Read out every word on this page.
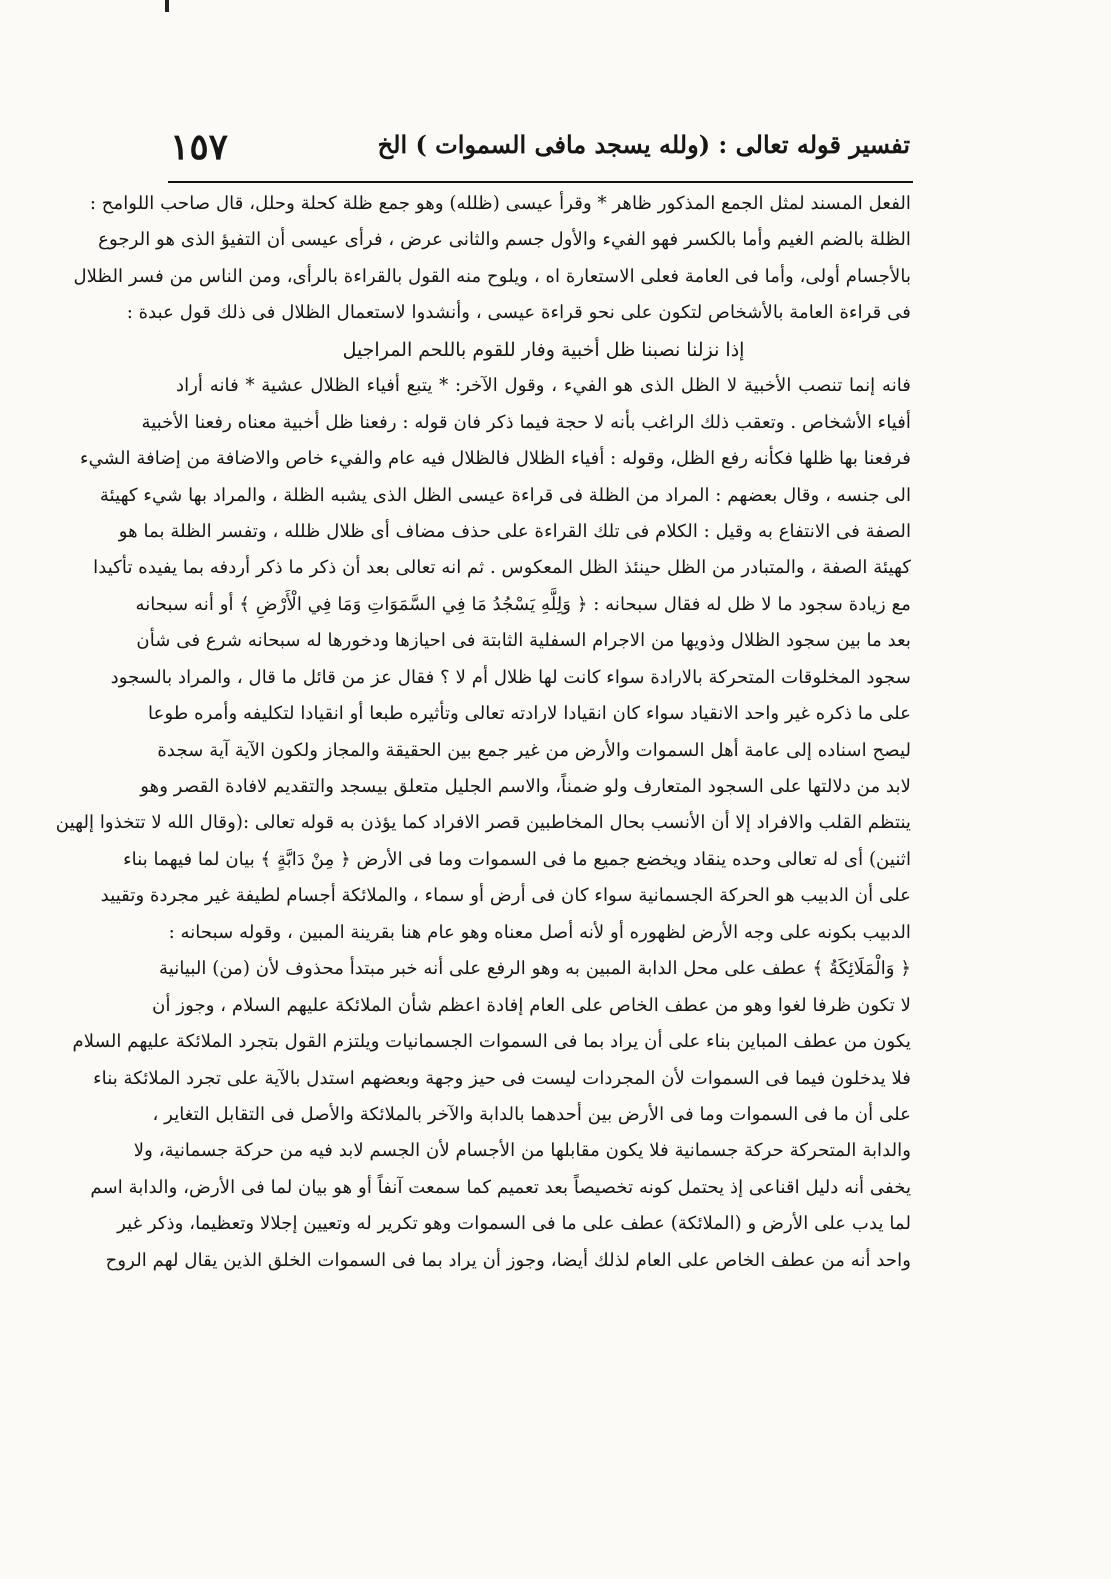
تفسير قوله تعالى : (ولله يسجد مافى السموات ) الخ
١٥٧
الفعل المسند لمثل الجمع المذكور ظاهر * وقرأ عيسى (ظلله) وهو جمع ظلة كحلة وحلل، قال صاحب اللوامح :
الظلة بالضم الغيم وأما بالكسر فهو الفيء والأول جسم والثانى عرض ، فرأى عيسى أن التفيؤ الذى هو الرجوع
بالأجسام أولى، وأما فى العامة فعلى الاستعارة اه ، ويلوح منه القول بالقراءة بالرأى، ومن الناس من فسر الظلال
فى قراءة العامة بالأشخاص لتكون على نحو قراءة عيسى ، وأنشدوا لاستعمال الظلال فى ذلك قول عبدة :
إذا نزلنا نصبنا ظل أخبية وفار للقوم باللحم المراجيل
فانه إنما تنصب الأخبية لا الظل الذى هو الفيء ، وقول الآخر: * يتبع أفياء الظلال عشية * فانه أراد
أفياء الأشخاص . وتعقب ذلك الراغب بأنه لا حجة فيما ذكر فان قوله : رفعنا ظل أخبية معناه رفعنا الأخبية
فرفعنا بها ظلها فكأنه رفع الظل، وقوله : أفياء الظلال فالظلال فيه عام والفيء خاص والاضافة من إضافة الشيء
الى جنسه ، وقال بعضهم : المراد من الظلة فى قراءة عيسى الظل الذى يشبه الظلة ، والمراد بها شيء كهيئة
الصفة فى الانتفاع به وقيل : الكلام فى تلك القراءة على حذف مضاف أى ظلال ظلله ، وتفسر الظلة بما هو
كهيئة الصفة ، والمتبادر من الظل حينئذ الظل المعكوس . ثم انه تعالى بعد أن ذكر ما ذكر أردفه بما يفيده تأكيدا
مع زيادة سجود ما لا ظل له فقال سبحانه : ﴿ وَلِلَّهِ يَسْجُدُ مَا فِي السَّمَوَاتِ وَمَا فِي الْأَرْضِ ﴾ أو أنه سبحانه
بعد ما بين سجود الظلال وذويها من الاجرام السفلية الثابتة فى احيازها ودخورها له سبحانه شرع فى شأن
سجود المخلوقات المتحركة بالارادة سواء كانت لها ظلال أم لا ؟ فقال عز من قائل ما قال ، والمراد بالسجود
على ما ذكره غير واحد الانقياد سواء كان انقيادا لارادته تعالى وتأثيره طبعا أو انقيادا لتكليفه وأمره طوعا
ليصح اسناده إلى عامة أهل السموات والأرض من غير جمع بين الحقيقة والمجاز ولكون الآية آية سجدة
لابد من دلالتها على السجود المتعارف ولو ضمناً، والاسم الجليل متعلق بيسجد والتقديم لافادة القصر وهو
ينتظم القلب والافراد إلا أن الأنسب بحال المخاطبين قصر الافراد كما يؤذن به قوله تعالى :(وقال الله لا تتخذوا إلهين
اثنين) أى له تعالى وحده ينقاد ويخضع جميع ما فى السموات وما فى الأرض ﴿ مِنْ دَابَّةٍ ﴾ بيان لما فيهما بناء
على أن الدبيب هو الحركة الجسمانية سواء كان فى أرض أو سماء ، والملائكة أجسام لطيفة غير مجردة وتقييد
الدبيب بكونه على وجه الأرض لظهوره أو لأنه أصل معناه وهو عام هنا بقرينة المبين ، وقوله سبحانه :
﴿ وَالْمَلَائِكَةُ ﴾ عطف على محل الدابة المبين به وهو الرفع على أنه خبر مبتدأ محذوف لأن (من) البيانية
لا تكون ظرفا لغوا وهو من عطف الخاص على العام إفادة اعظم شأن الملائكة عليهم السلام ، وجوز أن
يكون من عطف المباين بناء على أن يراد بما فى السموات الجسمانيات ويلتزم القول بتجرد الملائكة عليهم السلام
فلا يدخلون فيما فى السموات لأن المجردات ليست فى حيز وجهة وبعضهم استدل بالآية على تجرد الملائكة بناء
على أن ما فى السموات وما فى الأرض بين أحدهما بالدابة والآخر بالملائكة والأصل فى التقابل التغاير ،
والدابة المتحركة حركة جسمانية فلا يكون مقابلها من الأجسام لأن الجسم لابد فيه من حركة جسمانية، ولا
يخفى أنه دليل اقناعى إذ يحتمل كونه تخصيصاً بعد تعميم كما سمعت آنفاً أو هو بيان لما فى الأرض، والدابة اسم
لما يدب على الأرض و (الملائكة) عطف على ما فى السموات وهو تكرير له وتعيين إجلالا وتعظيما، وذكر غير
واحد أنه من عطف الخاص على العام لذلك أيضا، وجوز أن يراد بما فى السموات الخلق الذين يقال لهم الروح
